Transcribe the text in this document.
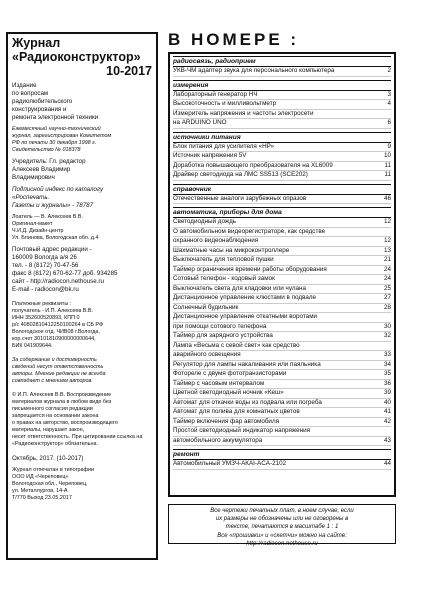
Журнал «Радиоконструктор»
10-2017
Издание
по вопросам
радиолюбительского
конструирования и
ремонта электронной техники
Ежемесячный научно-технический
журнал, зарегистрирован Комитетом
РФ по печати 30 декабря 1998 г.
Свидетельство № 018378
Учредитель: Гл. редактор
Алексеев Владимир
Владимирович
Подписной индекс по каталогу
«Роспечать.
Газеты и журналы» - 78787
Лоатель — В. Алексеев В.В.
Оригинал-макет
Ч.И.Д. Дизайн-центр
Ул. Блинова, Вологодская обл. д.4
Почтовый адрес редакции -
160009 Вологда а/я 26
тел. - 8 (8172) 70-47-56
факс 8 (8172) 670-62-77 доб. 934285
сайт - http://radiocon.nethouse.ru
E-mail - radiocon@bk.ru
Платежные реквизиты :
получатель - И.П. Алексеев В.В.
ИНН 352600520893, КПП 0
р/с 40802810412250100264 в СБ РФ
Вологодское отд. ЧИВ08 г.Вологда,
кор.счет 30101810900000000644,
БИК 041909644.
За содержание и достоверность
сведений несут ответственность
авторы. Мнение редакции не всегда
совпадает с мнением авторов.
© И.П. Алексеев В.В. Воспроизведение
материалов журнала в любом виде без
письменного согласия редакции
запрещается на основании закона
о правах на авторство, воспроизводящего
материалы, нарушает закон,
несет ответственность. При цитировании ссылка на
«Радиоконструктор» обязательна.
Октябрь, 2017. (10-2017)
Журнал отпечатан в типографии
ООО ИД «Череповец»
Вологодская обл., Череповец,
ул. Металлургов, 14-А
Т/770 Выход 23.05.2017
В НОМЕРЕ :
радиосвязь, радиоприем
УКВ-ЧМ адаптер звука для персонального компьютера	2
измерения
Лабораторный генератор НЧ	3
Высокоточность и милливольтметр	4
Измеритель напряжения и частоты электросети
на ARDUINO UNO	6
источники питания
Блок питания для усилителя «НР»	9
Источник напряжения 5V	10
Доработка повышающего преобразователя на XL6009	11
Драйвер светодиода на ЛМС SS513 (SCE202)	11
справочник
Отечественные аналоги зарубежных опразов	46
автоматика, приборы для дома
Светодиодный дождь	12
О автомобильном видеорегистраторе, как средстве
охранного видеонаблюдения	12
Шахматные часы на микроконтроллере	13
Выключатель для тепловой пушки	21
Таймер ограничения времени работы оборудования	24
Сотовый телефон - кодовый замок	24
Выключатель света для кладовки или чулана	25
Дистанционное управление клюстами в подвале	27
Солнечный будильник	28
Дистанционное управление откатными воротами
при помощи сотового телефона	30
Таймер для зарядного устройства	32
Лампа «Весьма с севой свет» как средство
аварийного освещения	33
Регулятор для лампы накаливания или паяльника	34
Фотореле с двумя фототранзисторами	35
Таймер с часовым интервалом	36
Цветной светодиодный ночник «Кеш»	39
Автомат для откачки воды из подвала или погреба	40
Автомат для полива для комнатных цветов	41
Таймер включения фар автомобиля	42
Простой светодиодный индикатор напряжения
автомобильного аккумулятора	43
ремонт
Автомобильный УМЗЧ-АКАI-ACA-2102	44
Все чертежи печатных плат, в ноем случае, если
их размеры не обозначены или не оговорены в
тексте, печатаются в масштабе 1 : 1
Все «прошивки» и «скетчи» можно на сайте:
http://radiocon.nethouse.ru
